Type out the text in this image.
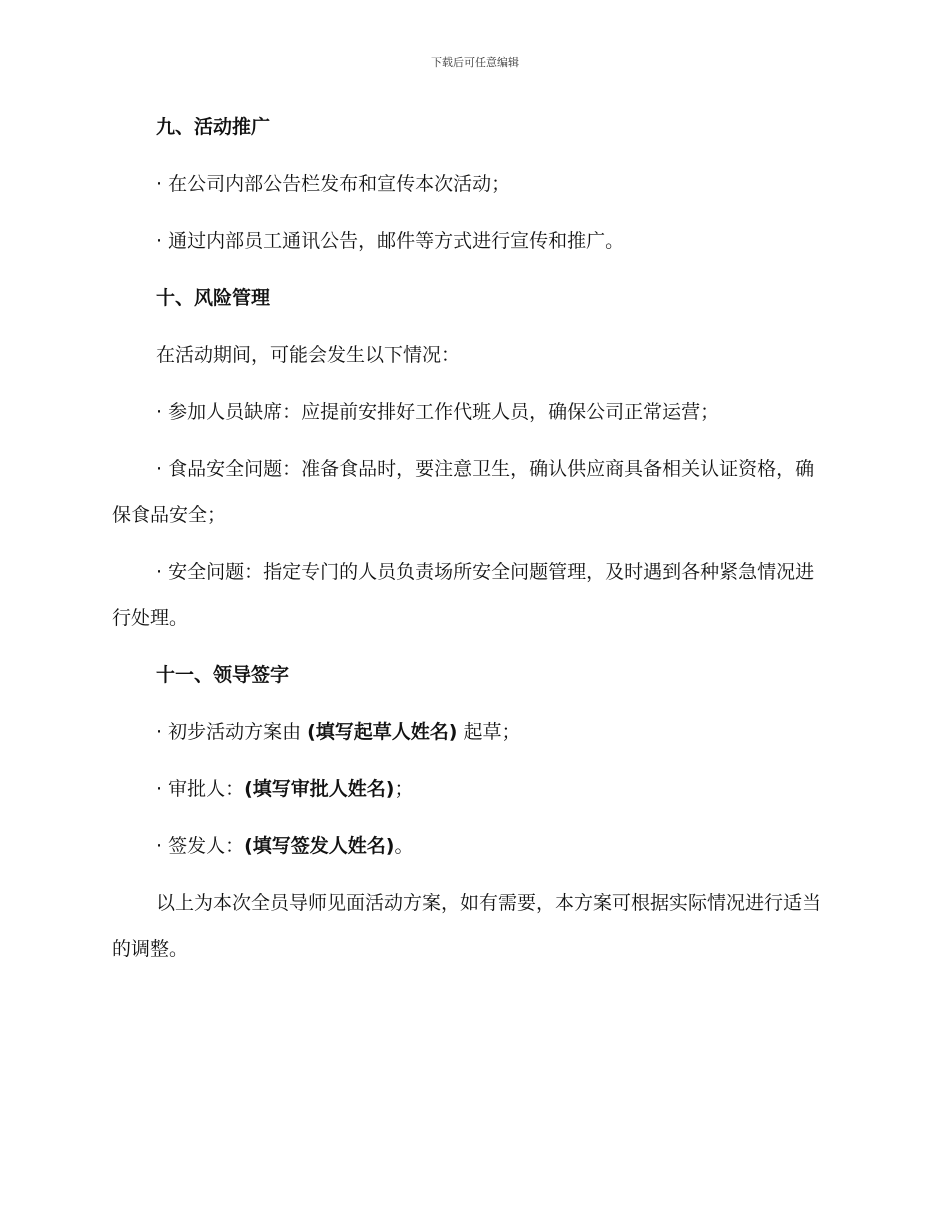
下载后可任意编辑
九、活动推广
· 在公司内部公告栏发布和宣传本次活动；
· 通过内部员工通讯公告，邮件等方式进行宣传和推广。
十、风险管理
在活动期间，可能会发生以下情况：
· 参加人员缺席：应提前安排好工作代班人员，确保公司正常运营；
· 食品安全问题：准备食品时，要注意卫生，确认供应商具备相关认证资格，确保食品安全；
· 安全问题：指定专门的人员负责场所安全问题管理，及时遇到各种紧急情况进行处理。
十一、领导签字
· 初步活动方案由 (填写起草人姓名) 起草；
· 审批人：(填写审批人姓名)；
· 签发人：(填写签发人姓名)。
以上为本次全员导师见面活动方案，如有需要，本方案可根据实际情况进行适当的调整。
